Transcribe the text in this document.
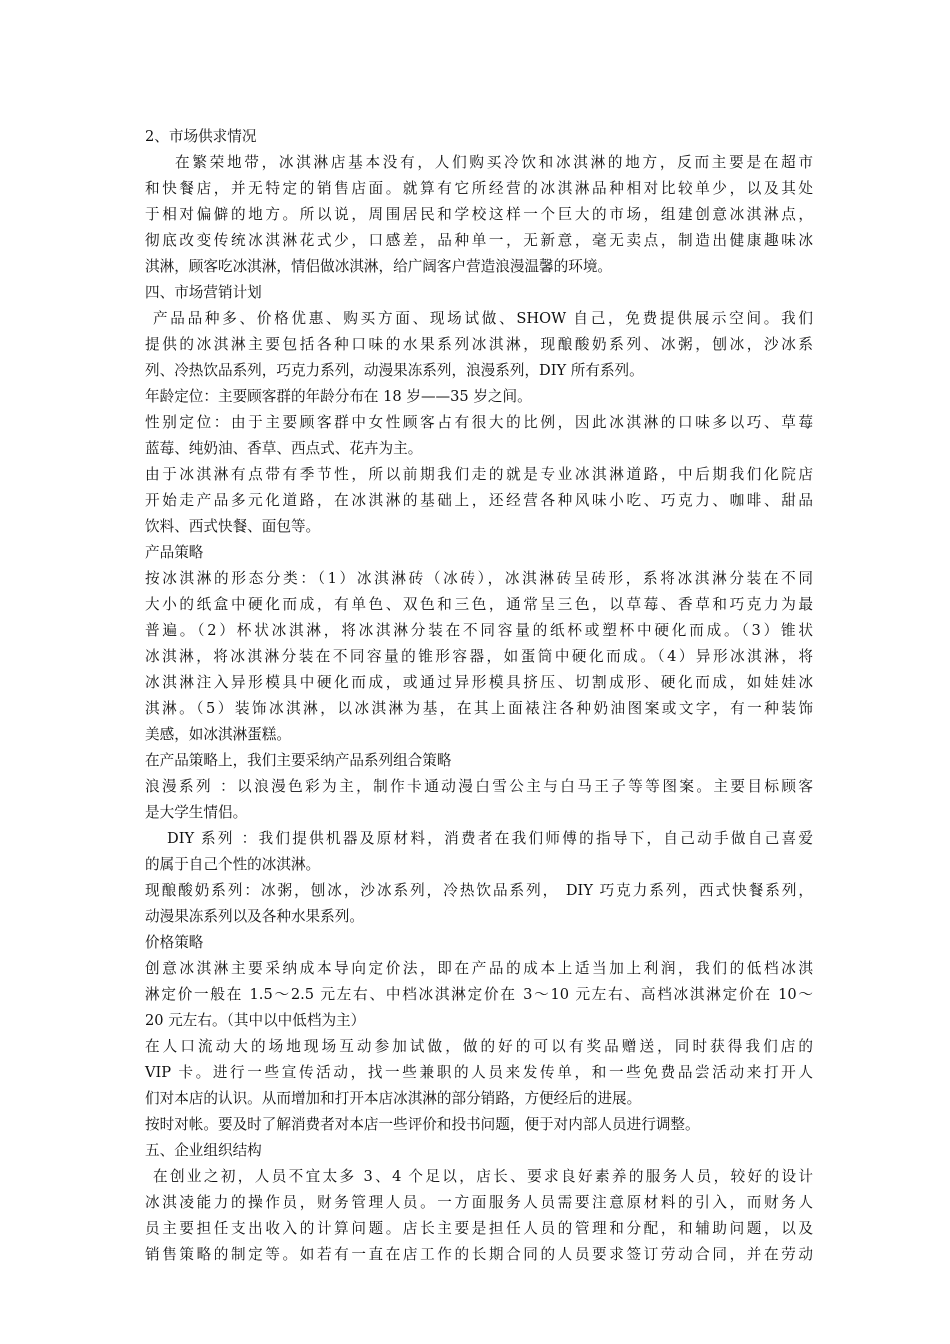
2、市场供求情况
在繁荣地带，冰淇淋店基本没有，人们购买冷饮和冰淇淋的地方，反而主要是在超市
和快餐店，并无特定的销售店面。就算有它所经营的冰淇淋品种相对比较单少，以及其处
于相对偏僻的地方。所以说，周围居民和学校这样一个巨大的市场，组建创意冰淇淋点，
彻底改变传统冰淇淋花式少，口感差，品种单一，无新意，毫无卖点，制造出健康趣味冰
淇淋，顾客吃冰淇淋，情侣做冰淇淋，给广阔客户营造浪漫温馨的环境。
四、市场营销计划
产品品种多、价格优惠、购买方面、现场试做、SHOW 自己，免费提供展示空间。我们
提供的冰淇淋主要包括各种口味的水果系列冰淇淋，现酿酸奶系列、冰粥，刨冰，沙冰系
列、冷热饮品系列，巧克力系列，动漫果冻系列，浪漫系列，DIY 所有系列。
年龄定位：主要顾客群的年龄分布在 18 岁——35 岁之间。
性别定位：由于主要顾客群中女性顾客占有很大的比例，因此冰淇淋的口味多以巧、草莓
蓝莓、纯奶油、香草、西点式、花卉为主。
由于冰淇淋有点带有季节性，所以前期我们走的就是专业冰淇淋道路，中后期我们化院店
开始走产品多元化道路，在冰淇淋的基础上，还经营各种风味小吃、巧克力、咖啡、甜品
饮料、西式快餐、面包等。
产品策略
按冰淇淋的形态分类：（1）冰淇淋砖（冰砖），冰淇淋砖呈砖形，系将冰淇淋分装在不同
大小的纸盒中硬化而成，有单色、双色和三色，通常呈三色，以草莓、香草和巧克力为最
普遍。（2）杯状冰淇淋，将冰淇淋分装在不同容量的纸杯或塑杯中硬化而成。（3）锥状
冰淇淋，将冰淇淋分装在不同容量的锥形容器，如蛋筒中硬化而成。（4）异形冰淇淋，将
冰淇淋注入异形模具中硬化而成，或通过异形模具挤压、切割成形、硬化而成，如娃娃冰
淇淋。（5）装饰冰淇淋，以冰淇淋为基，在其上面裱注各种奶油图案或文字，有一种装饰
美感，如冰淇淋蛋糕。
在产品策略上，我们主要采纳产品系列组合策略
浪漫系列 ：以浪漫色彩为主，制作卡通动漫白雪公主与白马王子等等图案。主要目标顾客
是大学生情侣。
DIY 系列 ：我们提供机器及原材料，消费者在我们师傅的指导下，自己动手做自己喜爱
的属于自己个性的冰淇淋。
现酿酸奶系列：冰粥，刨冰，沙冰系列，冷热饮品系列， DIY 巧克力系列，西式快餐系列，
动漫果冻系列以及各种水果系列。
价格策略
创意冰淇淋主要采纳成本导向定价法，即在产品的成本上适当加上利润，我们的低档冰淇
淋定价一般在 1.5～2.5 元左右、中档冰淇淋定价在 3～10 元左右、高档冰淇淋定价在 10～
20 元左右。（其中以中低档为主）
在人口流动大的场地现场互动参加试做，做的好的可以有奖品赠送，同时获得我们店的
VIP 卡。进行一些宣传活动，找一些兼职的人员来发传单，和一些免费品尝活动来打开人
们对本店的认识。从而增加和打开本店冰淇淋的部分销路，方便经后的进展。
按时对帐。要及时了解消费者对本店一些评价和投书问题，便于对内部人员进行调整。
五、企业组织结构
在创业之初，人员不宜太多 3、4 个足以，店长、要求良好素养的服务人员，较好的设计
冰淇凌能力的操作员，财务管理人员。一方面服务人员需要注意原材料的引入，而财务人
员主要担任支出收入的计算问题。店长主要是担任人员的管理和分配，和辅助问题，以及
销售策略的制定等。如若有一直在店工作的长期合同的人员要求签订劳动合同，并在劳动
